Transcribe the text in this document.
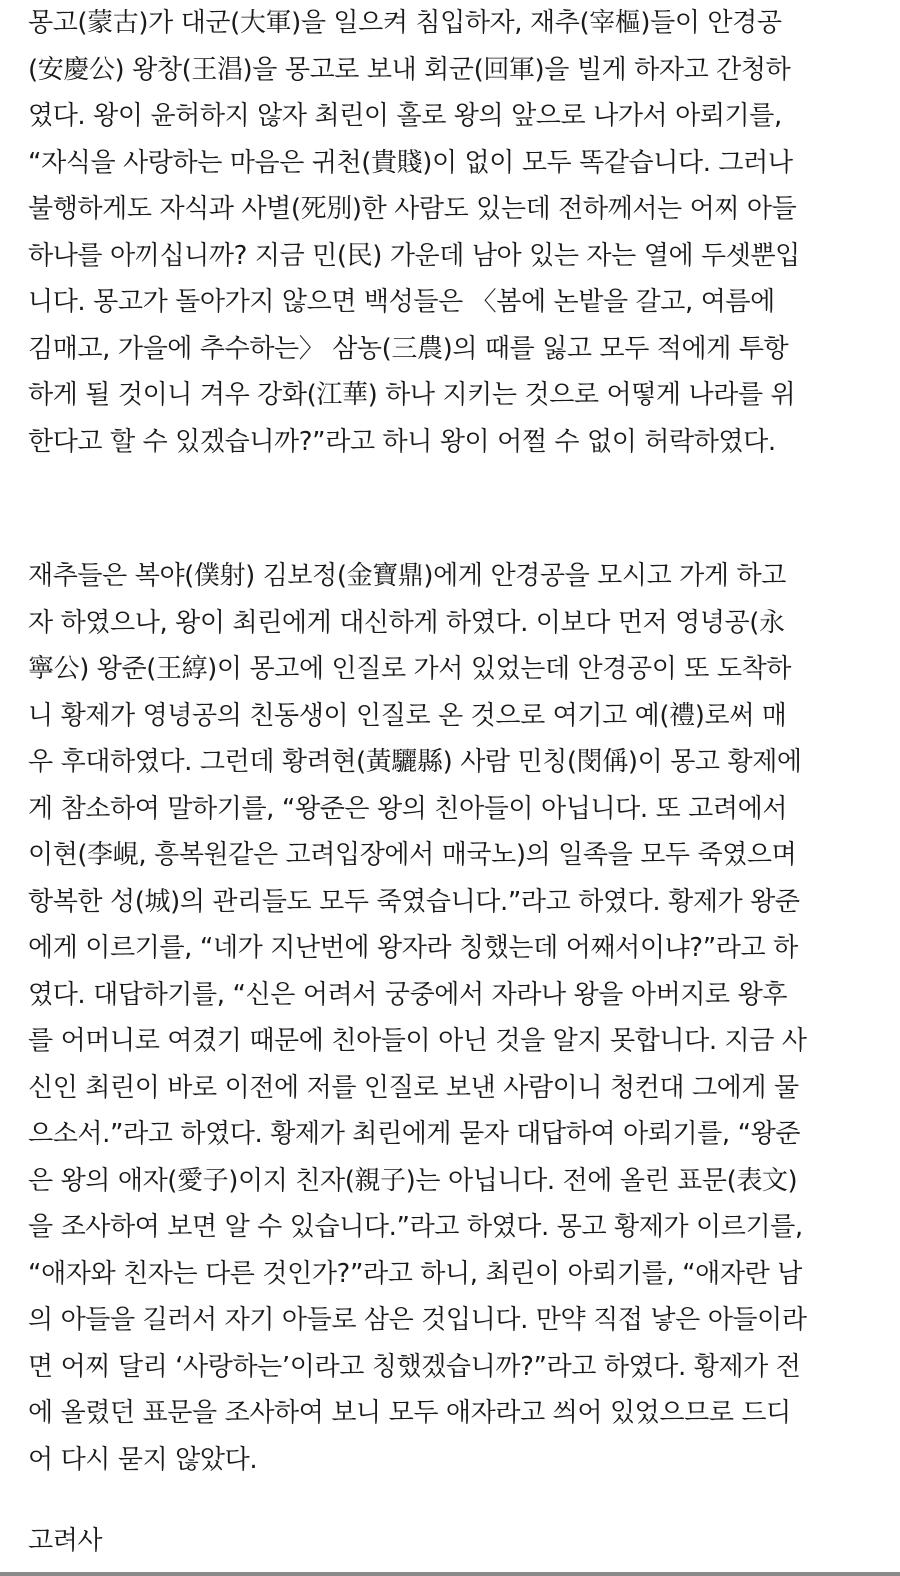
몽고(蒙古)가 대군(大軍)을 일으켜 침입하자, 재추(宰樞)들이 안경공
(安慶公) 왕창(王淐)을 몽고로 보내 회군(回軍)을 빌게 하자고 간청하
였다. 왕이 윤허하지 않자 최린이 홀로 왕의 앞으로 나가서 아뢰기를,
“자식을 사랑하는 마음은 귀천(貴賤)이 없이 모두 똑같습니다. 그러나
불행하게도 자식과 사별(死別)한 사람도 있는데 전하께서는 어찌 아들
하나를 아끼십니까? 지금 민(民) 가운데 남아 있는 자는 열에 두셋뿐입
니다. 몽고가 돌아가지 않으면 백성들은 〈봄에 논밭을 갈고, 여름에
김매고, 가을에 추수하는〉 삼농(三農)의 때를 잃고 모두 적에게 투항
하게 될 것이니 겨우 강화(江華) 하나 지키는 것으로 어떻게 나라를 위
한다고 할 수 있겠습니까?”라고 하니 왕이 어쩔 수 없이 허락하였다.

재추들은 복야(僕射) 김보정(金寶鼎)에게 안경공을 모시고 가게 하고
자 하였으나, 왕이 최린에게 대신하게 하였다. 이보다 먼저 영녕공(永
寧公) 왕준(王綧)이 몽고에 인질로 가서 있었는데 안경공이 또 도착하
니 황제가 영녕공의 친동생이 인질로 온 것으로 여기고 예(禮)로써 매
우 후대하였다. 그런데 황려현(黃驪縣) 사람 민칭(閔偁)이 몽고 황제에
게 참소하여 말하기를, “왕준은 왕의 친아들이 아닙니다. 또 고려에서
이현(李峴, 흥복원같은 고려입장에서 매국노)의 일족을 모두 죽였으며
항복한 성(城)의 관리들도 모두 죽였습니다.”라고 하였다. 황제가 왕준
에게 이르기를, “네가 지난번에 왕자라 칭했는데 어째서이냐?”라고 하
였다. 대답하기를, “신은 어려서 궁중에서 자라나 왕을 아버지로 왕후
를 어머니로 여겼기 때문에 친아들이 아닌 것을 알지 못합니다. 지금 사
신인 최린이 바로 이전에 저를 인질로 보낸 사람이니 청컨대 그에게 물
으소서.”라고 하였다. 황제가 최린에게 묻자 대답하여 아뢰기를, “왕준
은 왕의 애자(愛子)이지 친자(親子)는 아닙니다. 전에 올린 표문(表文)
을 조사하여 보면 알 수 있습니다.”라고 하였다. 몽고 황제가 이르기를,
“애자와 친자는 다른 것인가?”라고 하니, 최린이 아뢰기를, “애자란 남
의 아들을 길러서 자기 아들로 삼은 것입니다. 만약 직접 낳은 아들이라
면 어찌 달리 ‘사랑하는’이라고 칭했겠습니까?”라고 하였다. 황제가 전
에 올렸던 표문을 조사하여 보니 모두 애자라고 씌어 있었으므로 드디
어 다시 묻지 않았다.

고려사
